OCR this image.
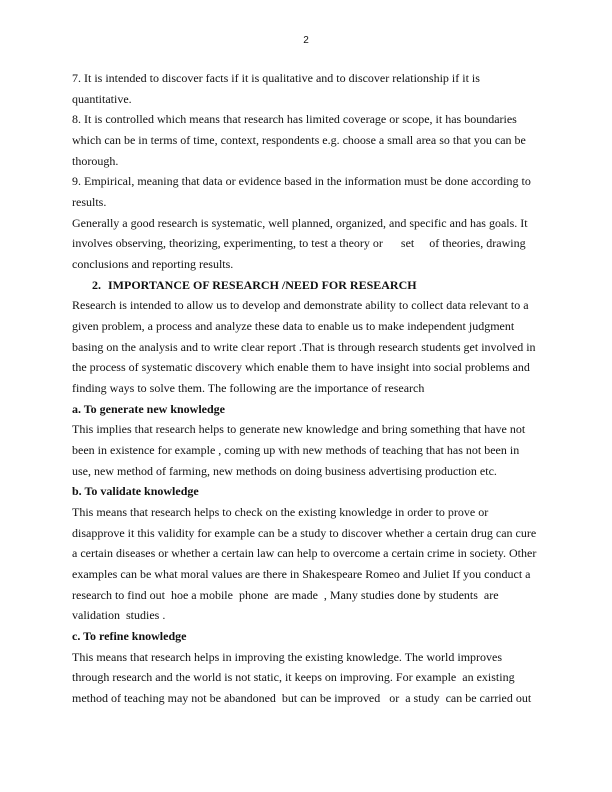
2
7. It is intended to discover facts if it is qualitative and to discover relationship if it is
quantitative.
8. It is controlled which means that research has limited coverage or scope, it has boundaries
which can be in terms of time, context, respondents e.g. choose a small area so that you can be
thorough.
9. Empirical, meaning that data or evidence based in the information must be done according to
results.
Generally a good research is systematic, well planned, organized, and specific and has goals. It
involves observing, theorizing, experimenting, to test a theory or      set     of theories, drawing
conclusions and reporting results.
2. IMPORTANCE OF RESEARCH /NEED FOR RESEARCH
Research is intended to allow us to develop and demonstrate ability to collect data relevant to a
given problem, a process and analyze these data to enable us to make independent judgment
basing on the analysis and to write clear report .That is through research students get involved in
the process of systematic discovery which enable them to have insight into social problems and
finding ways to solve them. The following are the importance of research
a. To generate new knowledge
This implies that research helps to generate new knowledge and bring something that have not
been in existence for example , coming up with new methods of teaching that has not been in
use, new method of farming, new methods on doing business advertising production etc.
b. To validate knowledge
This means that research helps to check on the existing knowledge in order to prove or
disapprove it this validity for example can be a study to discover whether a certain drug can cure
a certain diseases or whether a certain law can help to overcome a certain crime in society. Other
examples can be what moral values are there in Shakespeare Romeo and Juliet If you conduct a
research to find out  hoe a mobile  phone  are made  , Many studies done by students  are
validation  studies .
c. To refine knowledge
This means that research helps in improving the existing knowledge. The world improves
through research and the world is not static, it keeps on improving. For example  an existing
method of teaching may not be abandoned  but can be improved   or  a study  can be carried out
